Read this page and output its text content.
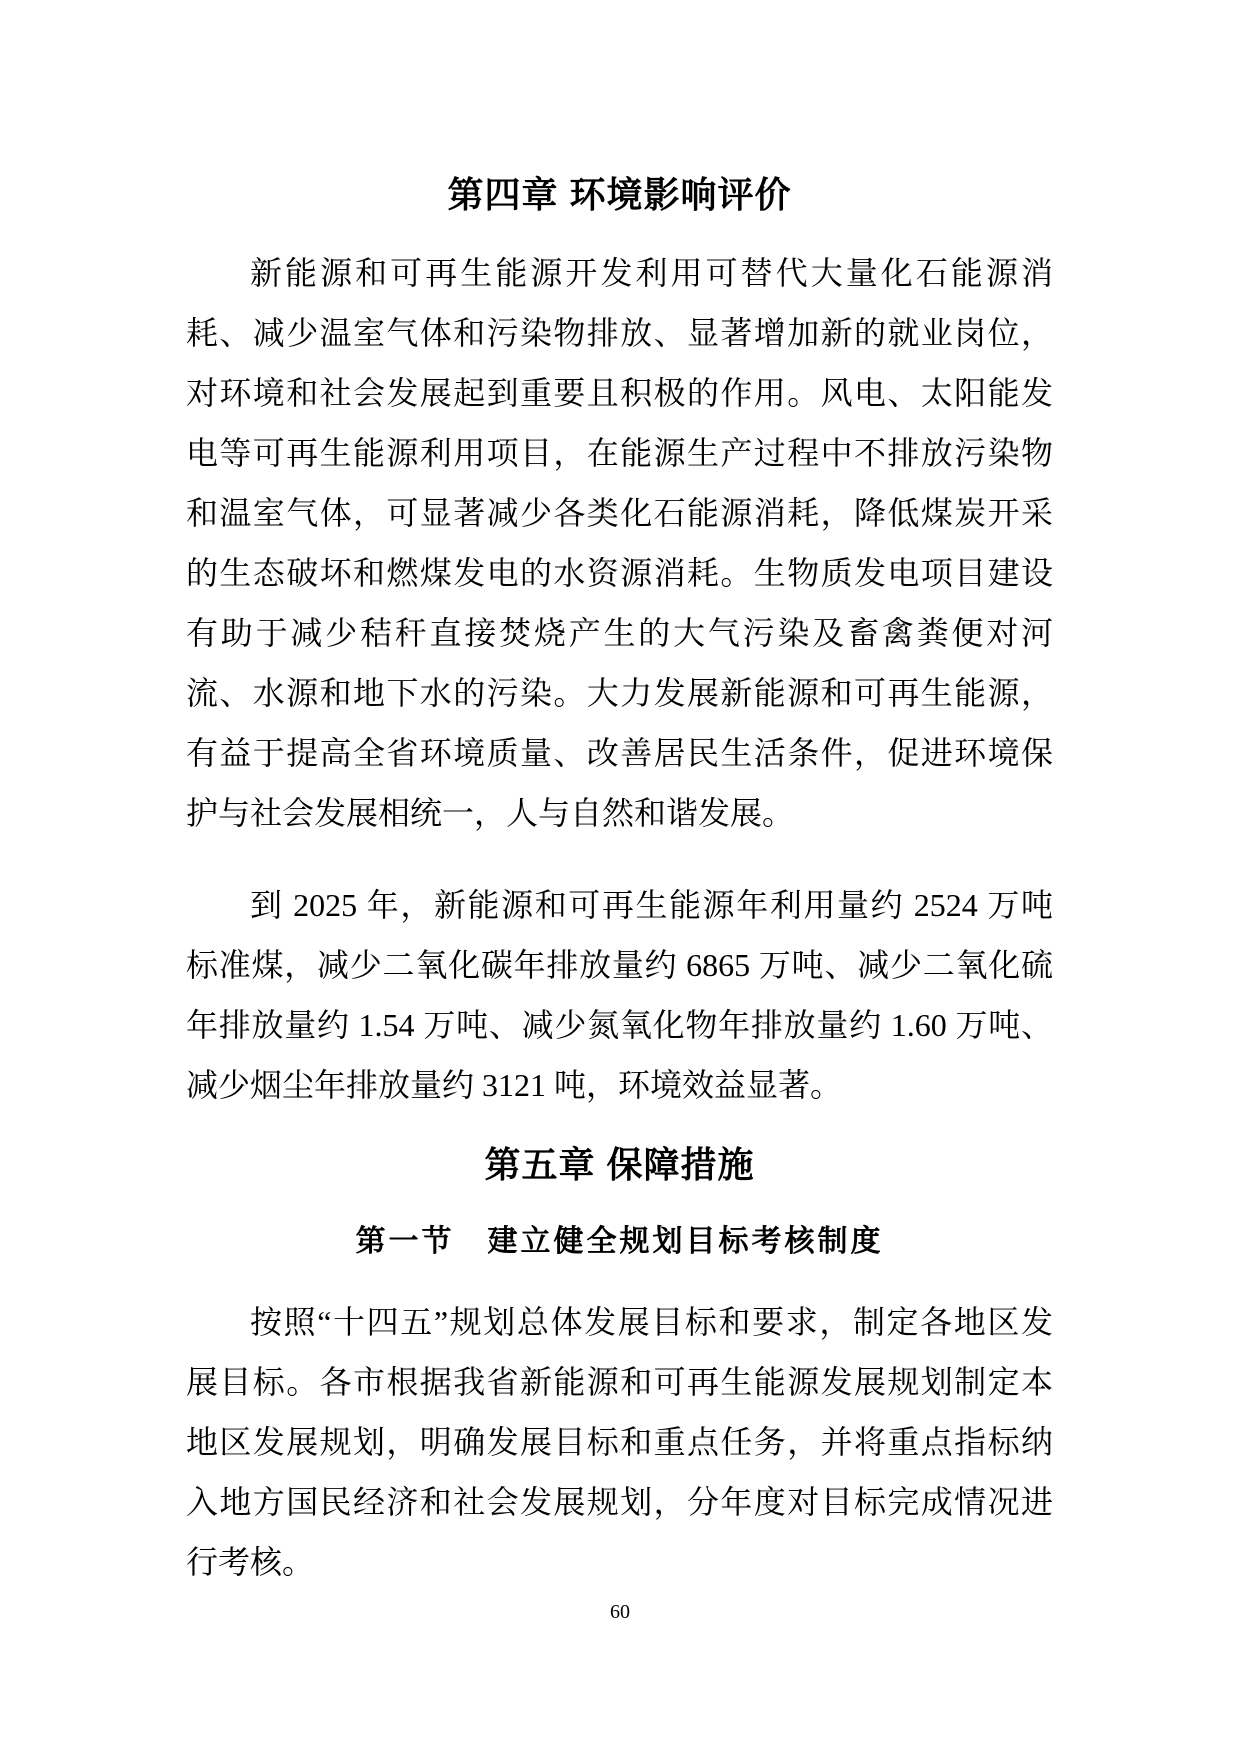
第四章 环境影响评价
新能源和可再生能源开发利用可替代大量化石能源消
耗、减少温室气体和污染物排放、显著增加新的就业岗位，
对环境和社会发展起到重要且积极的作用。风电、太阳能发
电等可再生能源利用项目，在能源生产过程中不排放污染物
和温室气体，可显著减少各类化石能源消耗，降低煤炭开采
的生态破坏和燃煤发电的水资源消耗。生物质发电项目建设
有助于减少秸秆直接焚烧产生的大气污染及畜禽粪便对河
流、水源和地下水的污染。大力发展新能源和可再生能源，
有益于提高全省环境质量、改善居民生活条件，促进环境保
护与社会发展相统一，人与自然和谐发展。
到 2025 年，新能源和可再生能源年利用量约 2524 万吨
标准煤，减少二氧化碳年排放量约 6865 万吨、减少二氧化硫
年排放量约 1.54 万吨、减少氮氧化物年排放量约 1.60 万吨、
减少烟尘年排放量约 3121 吨，环境效益显著。
第五章 保障措施
第一节　建立健全规划目标考核制度
按照“十四五”规划总体发展目标和要求，制定各地区发
展目标。各市根据我省新能源和可再生能源发展规划制定本
地区发展规划，明确发展目标和重点任务，并将重点指标纳
入地方国民经济和社会发展规划，分年度对目标完成情况进
行考核。
60
